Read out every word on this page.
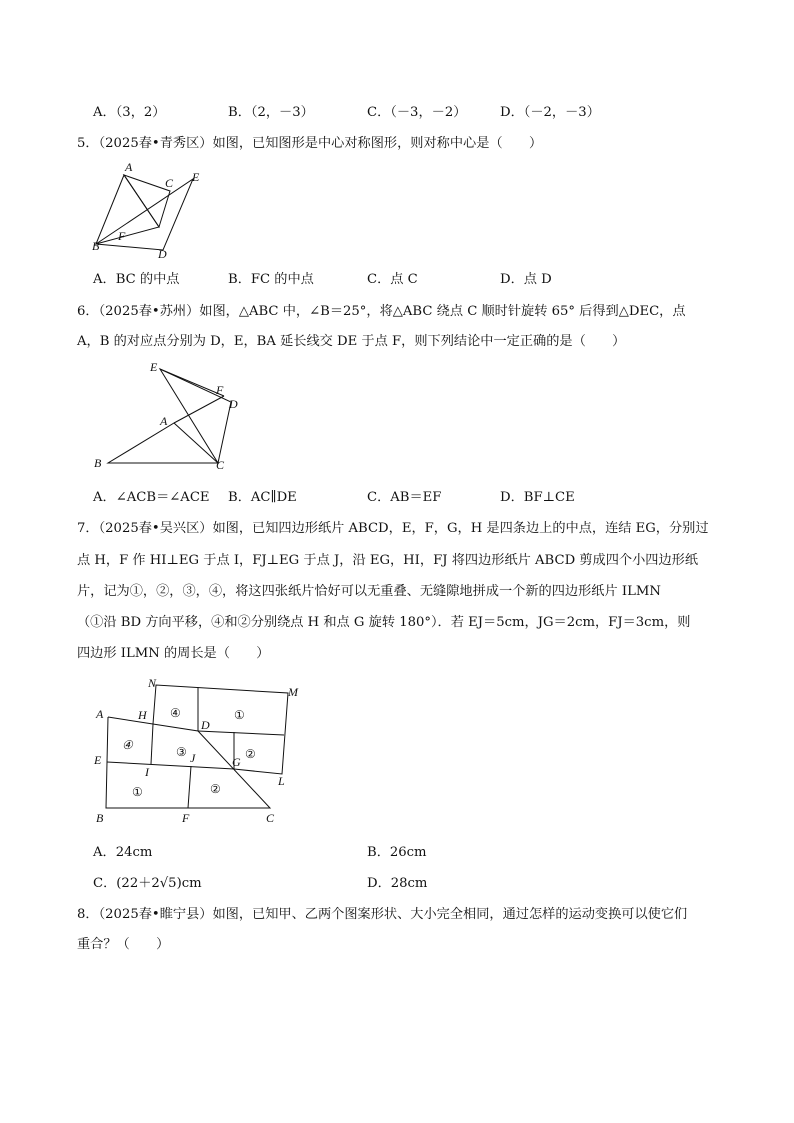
A．（3，2）	B．（2，－3）	C．（－3，－2）	D．（－2，－3）
5．（2025春•青秀区）如图，已知图形是中心对称图形，则对称中心是（　　）
A
C E
B
F
D
A．BC 的中点	B．FC 的中点	C．点 C	D．点 D
6．（2025春•苏州）如图，△ABC 中，∠B＝25°，将△ABC 绕点 C 顺时针旋转 65° 后得到△DEC，点
A，B 的对应点分别为 D，E，BA 延长线交 DE 于点 F，则下列结论中一定正确的是（　　）
E
F
D
A
B	C
A．∠ACB＝∠ACE B．AC∥DE	C．AB＝EF	D．BF⊥CE
7．（2025春•吴兴区）如图，已知四边形纸片 ABCD，E，F，G，H 是四条边上的中点，连结 EG，分别过
点 H，F 作 HI⊥EG 于点 I，FJ⊥EG 于点 J，沿 EG，HI，FJ 将四边形纸片 ABCD 剪成四个小四边形纸
片，记为①，②，③，④，将这四张纸片恰好可以无重叠、无缝隙地拼成一个新的四边形纸片 ILMN
（①沿 BD 方向平移，④和②分别绕点 H 和点 G 旋转 180°）．若 EJ＝5cm，JG＝2cm，FJ＝3cm，则
四边形 ILMN 的周长是（　　）
N
M
A	H
D
E
I
J	G
L
B	F	C
④	①
④	③	②
①	②
A．24cm	B．26cm
C．(22＋2√5)cm	D．28cm
8．（2025春•睢宁县）如图，已知甲、乙两个图案形状、大小完全相同，通过怎样的运动变换可以使它们
重合？（　　）
